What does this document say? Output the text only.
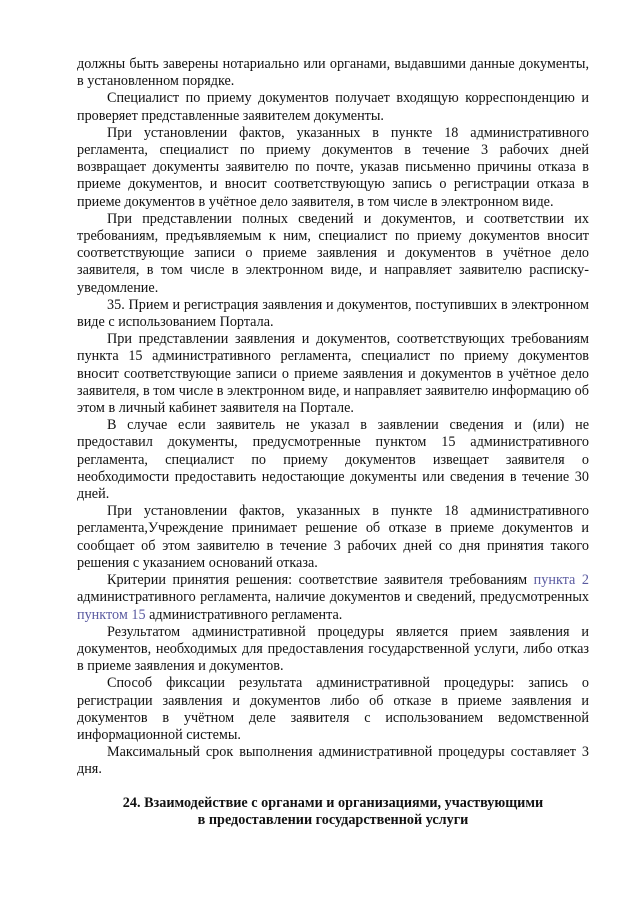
должны быть заверены нотариально или органами, выдавшими данные документы, в установленном порядке.

Специалист по приему документов получает входящую корреспонденцию и проверяет представленные заявителем документы.

При установлении фактов, указанных в пункте 18 административного регламента, специалист по приему документов в течение 3 рабочих дней возвращает документы заявителю по почте, указав письменно причины отказа в приеме документов, и вносит соответствующую запись о регистрации отказа в приеме документов в учётное дело заявителя, в том числе в электронном виде.

При представлении полных сведений и документов, и соответствии их требованиям, предъявляемым к ним, специалист по приему документов вносит соответствующие записи о приеме заявления и документов в учётное дело заявителя, в том числе в электронном виде, и направляет заявителю расписку-уведомление.

35. Прием и регистрация заявления и документов, поступивших в электронном виде с использованием Портала.

При представлении заявления и документов, соответствующих требованиям пункта 15 административного регламента, специалист по приему документов вносит соответствующие записи о приеме заявления и документов в учётное дело заявителя, в том числе в электронном виде, и направляет заявителю информацию об этом в личный кабинет заявителя на Портале.

В случае если заявитель не указал в заявлении сведения и (или) не предоставил документы, предусмотренные пунктом 15 административного регламента, специалист по приему документов извещает заявителя о необходимости предоставить недостающие документы или сведения в течение 30 дней.

При установлении фактов, указанных в пункте 18 административного регламента,Учреждение принимает решение об отказе в приеме документов и сообщает об этом заявителю в течение 3 рабочих дней со дня принятия такого решения с указанием оснований отказа.

Критерии принятия решения: соответствие заявителя требованиям пункта 2 административного регламента, наличие документов и сведений, предусмотренных пунктом 15 административного регламента.

Результатом административной процедуры является прием заявления и документов, необходимых для предоставления государственной услуги, либо отказ в приеме заявления и документов.

Способ фиксации результата административной процедуры: запись о регистрации заявления и документов либо об отказе в приеме заявления и документов в учётном деле заявителя с использованием ведомственной информационной системы.

Максимальный срок выполнения административной процедуры составляет 3 дня.

24. Взаимодействие с органами и организациями, участвующими
в предоставлении государственной услуги
